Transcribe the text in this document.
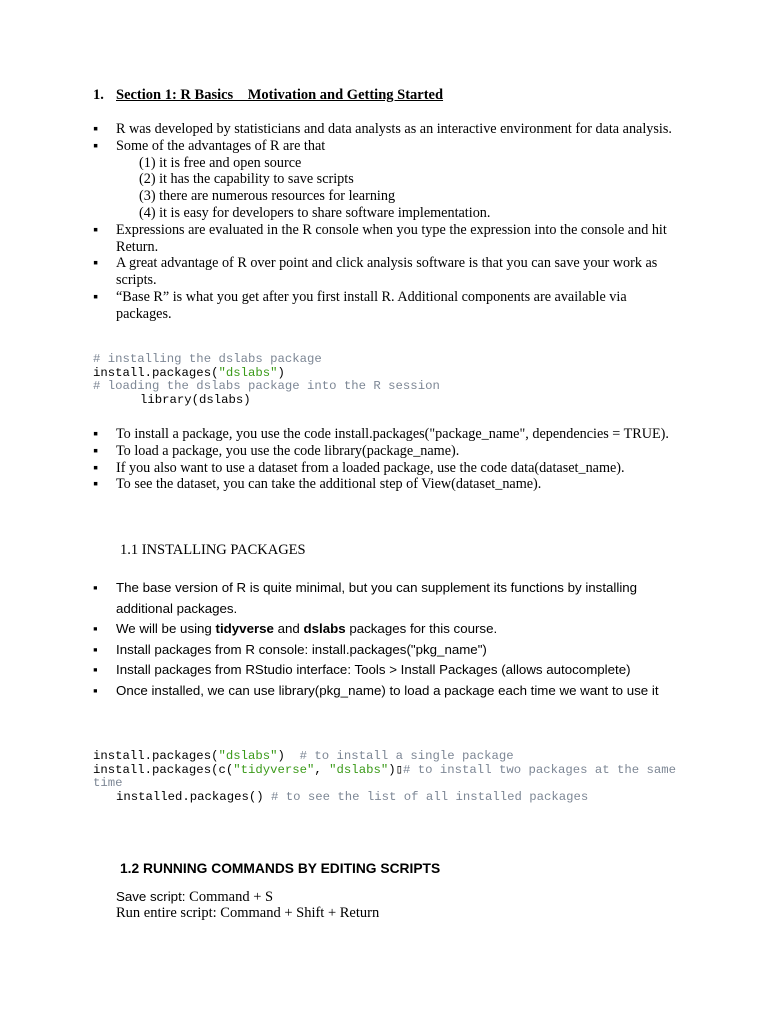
1. Section 1: R Basics    Motivation and Getting Started
▪ R was developed by statisticians and data analysts as an interactive environment for data analysis.
▪ Some of the advantages of R are that
(1) it is free and open source
(2) it has the capability to save scripts
(3) there are numerous resources for learning
(4) it is easy for developers to share software implementation.
▪ Expressions are evaluated in the R console when you type the expression into the console and hit Return.
▪ A great advantage of R over point and click analysis software is that you can save your work as scripts.
▪ “Base R” is what you get after you first install R. Additional components are available via packages.
# installing the dslabs package
install.packages("dslabs")
# loading the dslabs package into the R session
library(dslabs)
▪ To install a package, you use the code install.packages("package_name", dependencies = TRUE).
▪ To load a package, you use the code library(package_name).
▪ If you also want to use a dataset from a loaded package, use the code data(dataset_name).
▪ To see the dataset, you can take the additional step of View(dataset_name).
1.1 INSTALLING PACKAGES
▪ The base version of R is quite minimal, but you can supplement its functions by installing additional packages.
▪ We will be using tidyverse and dslabs packages for this course.
▪ Install packages from R console: install.packages("pkg_name")
▪ Install packages from RStudio interface: Tools > Install Packages (allows autocomplete)
▪ Once installed, we can use library(pkg_name) to load a package each time we want to use it
install.packages("dslabs")  # to install a single package
install.packages(c("tidyverse", "dslabs")▯# to install two packages at the same
time
installed.packages() # to see the list of all installed packages
1.2 RUNNING COMMANDS BY EDITING SCRIPTS
Save script: Command + S
Run entire script: Command + Shift + Return
